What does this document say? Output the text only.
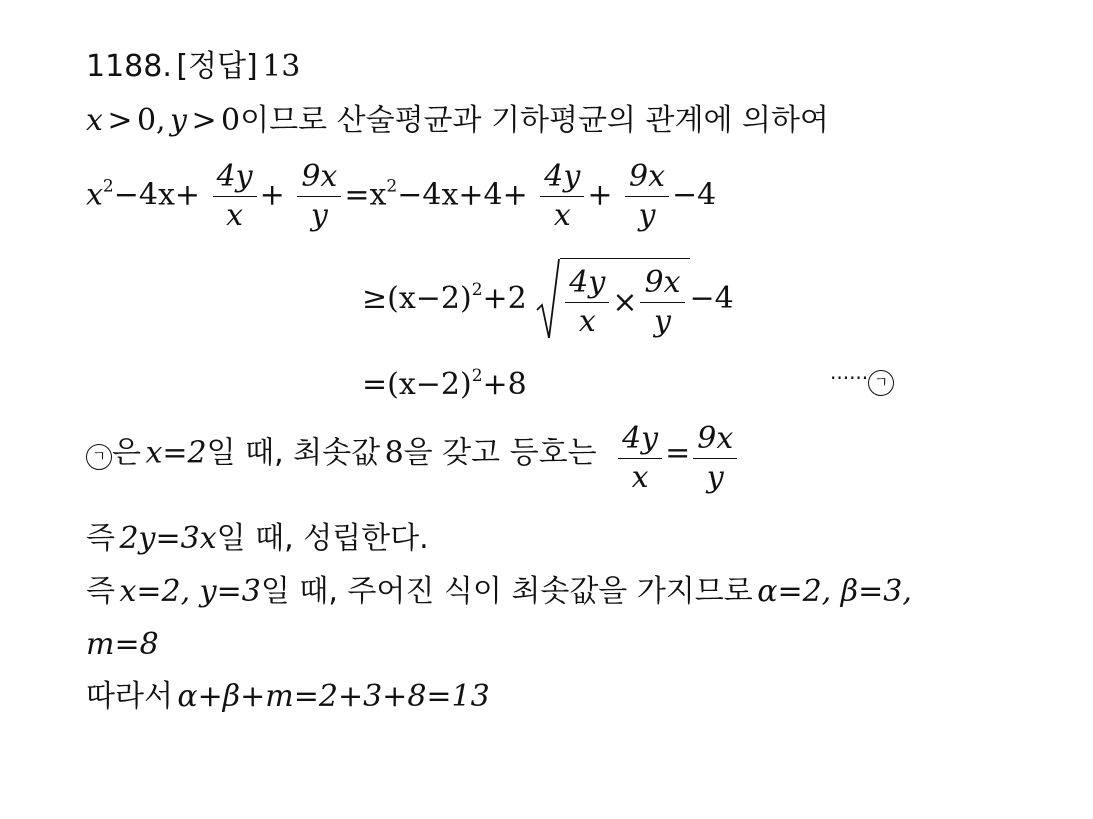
1188. [정답] 13
x > 0, y > 0이므로 산술평균과 기하평균의 관계에 의하여
$x^2-4x+ \frac{4y}{x} + \frac{9x}{y} =x^2-4x+4+ \frac{4y}{x} + \frac{9x}{y} -4$
$\ge(x-2)^2+2 \frac{4y}{x} \times \frac{9x}{y} -4$
$=(x-2)^2+8$	······ ㄱ
ㄱ 은 x=2일 때, 최솟값 8을 갖고 등호는 $\frac{4y}{x} = \frac{9x}{y}$
즉 2y=3x일 때, 성립한다.
즉 x=2, y=3일 때, 주어진 식이 최솟값을 가지므로 α=2, β=3,
m=8
따라서 α+β+m=2+3+8=13
